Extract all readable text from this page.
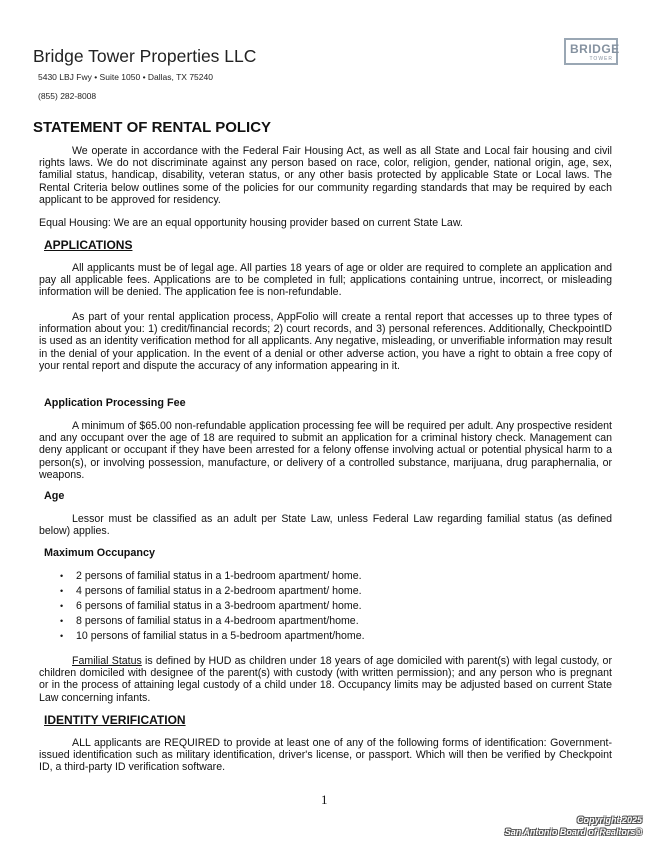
Bridge Tower Properties LLC
5430 LBJ Fwy • Suite 1050 • Dallas, TX 75240
(855) 282-8008
BRIDGE
TOWER
STATEMENT OF RENTAL POLICY
We operate in accordance with the Federal Fair Housing Act, as well as all State and Local fair housing and civil rights laws. We do not discriminate against any person based on race, color, religion, gender, national origin, age, sex, familial status, handicap, disability, veteran status, or any other basis protected by applicable State or Local laws. The Rental Criteria below outlines some of the policies for our community regarding standards that may be required by each applicant to be approved for residency.
Equal Housing: We are an equal opportunity housing provider based on current State Law.
APPLICATIONS
All applicants must be of legal age. All parties 18 years of age or older are required to complete an application and pay all applicable fees. Applications are to be completed in full; applications containing untrue, incorrect, or misleading information will be denied. The application fee is non-refundable.
As part of your rental application process, AppFolio will create a rental report that accesses up to three types of information about you: 1) credit/financial records; 2) court records, and 3) personal references. Additionally, CheckpointID is used as an identity verification method for all applicants. Any negative, misleading, or unverifiable information may result in the denial of your application. In the event of a denial or other adverse action, you have a right to obtain a free copy of your rental report and dispute the accuracy of any information appearing in it.
Application Processing Fee
A minimum of $65.00 non-refundable application processing fee will be required per adult. Any prospective resident and any occupant over the age of 18 are required to submit an application for a criminal history check. Management can deny applicant or occupant if they have been arrested for a felony offense involving actual or potential physical harm to a person(s), or involving possession, manufacture, or delivery of a controlled substance, marijuana, drug paraphernalia, or weapons.
Age
Lessor must be classified as an adult per State Law, unless Federal Law regarding familial status (as defined below) applies.
Maximum Occupancy
• 2 persons of familial status in a 1-bedroom apartment/ home.
• 4 persons of familial status in a 2-bedroom apartment/ home.
• 6 persons of familial status in a 3-bedroom apartment/ home.
• 8 persons of familial status in a 4-bedroom apartment/home.
• 10 persons of familial status in a 5-bedroom apartment/home.
Familial Status is defined by HUD as children under 18 years of age domiciled with parent(s) with legal custody, or children domiciled with designee of the parent(s) with custody (with written permission); and any person who is pregnant or in the process of attaining legal custody of a child under 18. Occupancy limits may be adjusted based on current State Law concerning infants.
IDENTITY VERIFICATION
ALL applicants are REQUIRED to provide at least one of any of the following forms of identification: Government-issued identification such as military identification, driver's license, or passport. Which will then be verified by Checkpoint ID, a third-party ID verification software.
1
Copyright 2025
San Antonio Board of Realtors®
